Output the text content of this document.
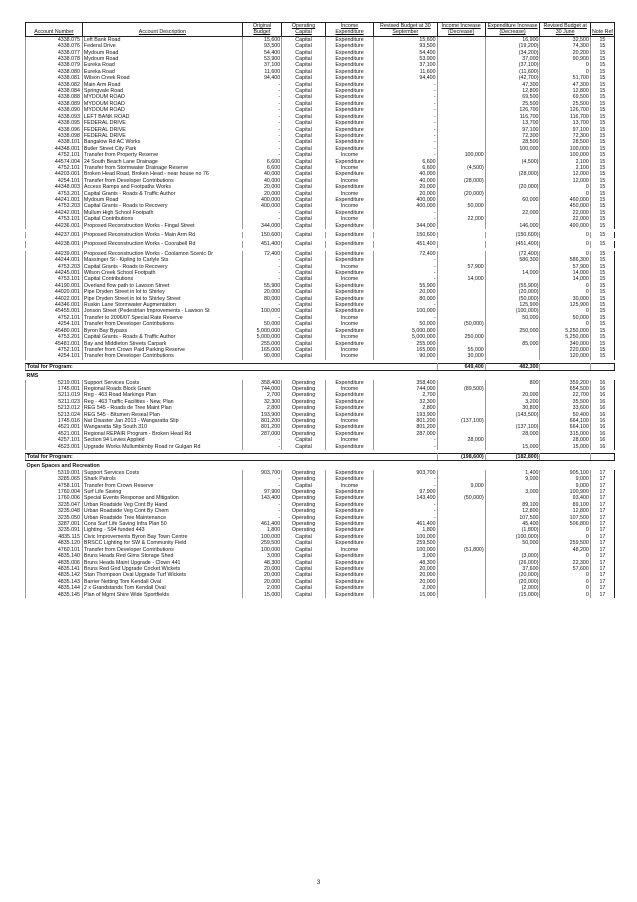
Account Number	Account Description	Original Budget	Operating Capital	Income Expenditure	Revised Budget at 30 September	Income Increase (Decrease)	Expenditure Increase (Decrease)	Revised Budget at 30 June	Note Ref
4338.075	Left Bank Road	15,600	Capital	Expenditure	15,600		16,900	32,500	15
4338.076	Federal Drive	93,500	Capital	Expenditure	93,500		(19,200)	74,300	15
4338.077	Mydoum Road	54,400	Capital	Expenditure	54,400		(34,200)	20,200	15
4338.078	Mydoum Road	53,900	Capital	Expenditure	53,900		37,000	90,900	15
4338.079	Eureka Road	37,100	Capital	Expenditure	37,100		(37,100)	0	15
4338.080	Eureka Road	11,600	Capital	Expenditure	11,600		(11,600)	0	15
4338.081	Wilson Creek Road	94,400	Capital	Expenditure	94,400		(42,700)	51,700	15
4338.082	Main Arm Road	-	Capital	Expenditure	-		47,300	47,300	15
4338.084	Springvale Road	-	Capital	Expenditure	-		12,800	12,800	15
4338.088	MYDOUM ROAD	-	Capital	Expenditure	-		69,500	69,500	15
4338.089	MYDOUM ROAD	-	Capital	Expenditure	-		25,500	25,500	15
4338.090	MYDOUM ROAD	-	Capital	Expenditure	-		126,700	126,700	15
4338.093	LEFT BANK ROAD	-	Capital	Expenditure	-		116,700	116,700	15
4338.095	FEDERAL DRIVE	-	Capital	Expenditure	-		13,700	13,700	15
4338.096	FEDERAL DRIVE	-	Capital	Expenditure	-		97,100	97,100	15
4338.098	FEDERAL DRIVE	-	Capital	Expenditure	-		72,300	72,300	15
4338.101	Bangalow Rd AC Works	-	Capital	Expenditure	-		28,500	28,500	15
44348.001	Butler Street City Park	-	Capital	Expenditure	-		100,000	100,000	15
4752.101	Transfer from Property Reserve	-	Capital	Income	-	100,000		100,000	15
44574.004	24 South Beach Lane Drainage	6,600	Capital	Expenditure	6,600		(4,500)	2,100	15
4752.101	Transfer from Stormwater Drainage Reserve	6,600	Capital	Income	6,600	(4,500)		2,100	15
44203.001	Broken Head Road, Broken Head - near house no 76	40,000	Capital	Expenditure	40,000		(28,000)	12,000	15
4254.101	Transfer from Developer Contributions	40,000	Capital	Income	40,000	(28,000)		12,000	15
44348.003	Access Ramps and Footpaths Works	20,000	Capital	Expenditure	20,000		(20,000)	0	15
4753.201	Capital Grants - Roads & Traffic Author	20,000	Capital	Income	20,000	(20,000)		0	15
44241.001	Mydoum Road	400,000	Capital	Expenditure	400,000		60,000	460,000	15
4753.203	Capital Grants - Roads to Recovery	400,000	Capital	Income	400,000	50,000		450,000	15
44242.001	Mullum High School Footpath	-	Capital	Expenditure	-		22,000	22,000	15
4753.101	Capital Contributions	-	Capital	Income	-	22,000		22,000	15
44236.001	Proposed Reconstruction Works - Fingal Street	344,000	Capital	Expenditure	344,000		146,000	490,000	15

44237.001	Proposed Reconstruction Works - Main Arm Rd	150,600	Capital	Expenditure	150,600		(150,600)	0	15

44238.001	Proposed Reconstruction Works - Coorabell Rd	451,400	Capital	Expenditure	451,400		(451,400)	0	15

44239.001	Proposed Reconstruction Works - Coolamon Scenic Dr	72,400	Capital	Expenditure	72,400		(72,400)	0	15
44244.001	Massinger St - Kipling to Carlyle Sts	-	Capital	Expenditure	-		586,300	586,300	15
4753.203	Capital Grants - Roads to Recovery	-	Capital	Income	-	57,900		57,900	15
44245.001	Wilson Creek School Footpath	-	Capital	Expenditure	-		14,000	14,000	15
4753.101	Capital Contributions	-	Capital	Income	-	14,000		14,000	15
44190.001	Overland flow path to Lawson Street	55,900	Capital	Expenditure	55,900		(55,900)	0	15
44020.001	Pipe Dryden Street in lot to Shirley	20,000	Capital	Expenditure	20,000		(20,000)	0	15
44022.001	Pipe Dryden Street in lot to Shirley Street	80,000	Capital	Expenditure	80,000		(50,000)	30,000	15
44346.001	Ruskin Lane Stormwater Augmentation	-	Capital	Expenditure	-		125,900	125,900	15
45455.001	Jonson Street (Pedestrian Improvements - Lawson St	100,000	Capital	Expenditure	100,000		(100,000)	0	15
4752.101	Transfer to 2006/07 Special Rate Reserve	-	Capital	Income	-		50,000	50,000	15
4254.101	Transfer from Developer Contributions	50,000	Capital	Income	50,000	(50,000)		0	15
45480.001	Byron Bay Bypass	5,000,000	Capital	Expenditure	5,000,000		250,000	5,250,000	15
4753.201	Capital Grants - Roads & Traffic Author	5,000,000	Capital	Income	5,000,000	250,000		5,250,000	15
45481.001	Bay and Middleton Streets Carpark	255,000	Capital	Expenditure	255,000		85,000	340,000	15
4752.101	Transfer from Crown Paid Parking Reserve	165,000	Capital	Income	165,000	55,000		220,000	15
4254.101	Transfer from Developer Contributions	90,000	Capital	Income	90,000	30,000		120,000	15

Total for Program:						649,400	482,300		
RMS									
5219.001	Support Services Costs	358,400	Operating	Expenditure	358,400		800	359,200	16
1745.001	Regional Roads Block Grant	744,000	Operating	Income	744,000	(89,500)		654,500	16
5211.019	Reg - 463 Road Markings Plan	2,700	Operating	Expenditure	2,700		20,000	22,700	16
5211.023	Reg - 463 Traffic Facilities - New, Plan	32,300	Operating	Expenditure	32,300		3,200	35,500	16
5213.012	REG 545 - Roads de Tree Maint Plan	2,800	Operating	Expenditure	2,800		30,800	33,600	16
5213.024	REG 545 - Bitumen Reseal Plan	193,900	Operating	Expenditure	193,900		(143,500)	50,400	16
1745.016	Nat Disaster Jan 2013 - Wangaratta Slip	801,200	Operating	Income	801,200	(137,100)		664,100	16
4521.001	Wangaratta Slip South 310	801,200	Operating	Expenditure	801,200		(137,100)	664,100	16
4521.001	Regional REPAIR Program - Broken Head Rd	287,000	Operating	Expenditure	287,000		28,000	315,000	16
4257.101	Section 94 Levies Applied	-	Capital	Income	-	28,000		28,000	16
4523.001	Upgrade Works Mullumbimby Road nr Gulgan Rd	-	Capital	Expenditure	-		15,000	15,000	16

Total for Program:						(198,600)	(182,800)		
Open Spaces and Recreation									
5319.001	Support Services Costs	903,700	Operating	Expenditure	903,700		1,400	905,100	17
3285.065	Shark Patrols	-	Operating	Expenditure	-		9,000	9,000	17
4758.101	Transfer from Crown Reserve	-	Capital	Income	-	9,000		9,000	17
1760.004	Surf Life Saving	97,900	Operating	Expenditure	97,900		3,000	100,900	17
1760.006	Special Events Response and Mitigation	143,400	Operating	Expenditure	143,400	(50,000)		93,400	17
3235.047	Urban Roadside Veg Cont By Hand	-	Operating	Expenditure	-		89,100	89,100	17
3235.048	Urban Roadside Veg Cont By Chem	-	Operating	Expenditure	-		12,800	12,800	17
3235.050	Urban Roadside Tree Maintenance	-	Operating	Expenditure	-		107,500	107,500	17
3287.001	Cons Surf Life Saving Infra Plan 50	461,400	Operating	Expenditure	461,400		45,400	506,800	17
3235.091	Lighting - S94 funded 443	1,800	Operating	Expenditure	1,800		(1,800)	0	17
4835.115	Civic Improvements Byron Bay Town Centre	100,000	Capital	Expenditure	100,000		(100,000)	0	17
4835.120	BRSCC Lighting for SW & Community Field	259,500	Capital	Expenditure	259,500		50,000	259,500	17
4760.101	Transfer from Developer Contributions	100,000	Capital	Income	100,000	(51,800)		48,200	17
4835.140	Bruns Heads Red Gims Storage Shed	3,000	Capital	Expenditure	3,000		(3,000)	0	17
4835.006	Bruns Heads Maint Upgrade - Clown 441	48,300	Capital	Expenditure	48,300		(26,000)	22,300	17
4835.141	Bruns Red Gnd Upgrade Cricket Wickets	20,000	Capital	Expenditure	20,000		37,600	57,600	17
4835.142	Stan Thompson Oval Upgrade Turf Wickets	20,000	Capital	Expenditure	20,000		(20,000)	0	17
4835.143	Barrier Netting Tom Kendall Oval	20,000	Capital	Expenditure	20,000		(20,000)	0	17
4835.144	2 x Grandstands Tom Kendall Oval	2,000	Capital	Expenditure	2,000		(2,000)	0	17
4835.145	Plan of Mgmt Shire Wide Sportfields	15,000	Capital	Expenditure	15,000		(15,000)	0	17
3
